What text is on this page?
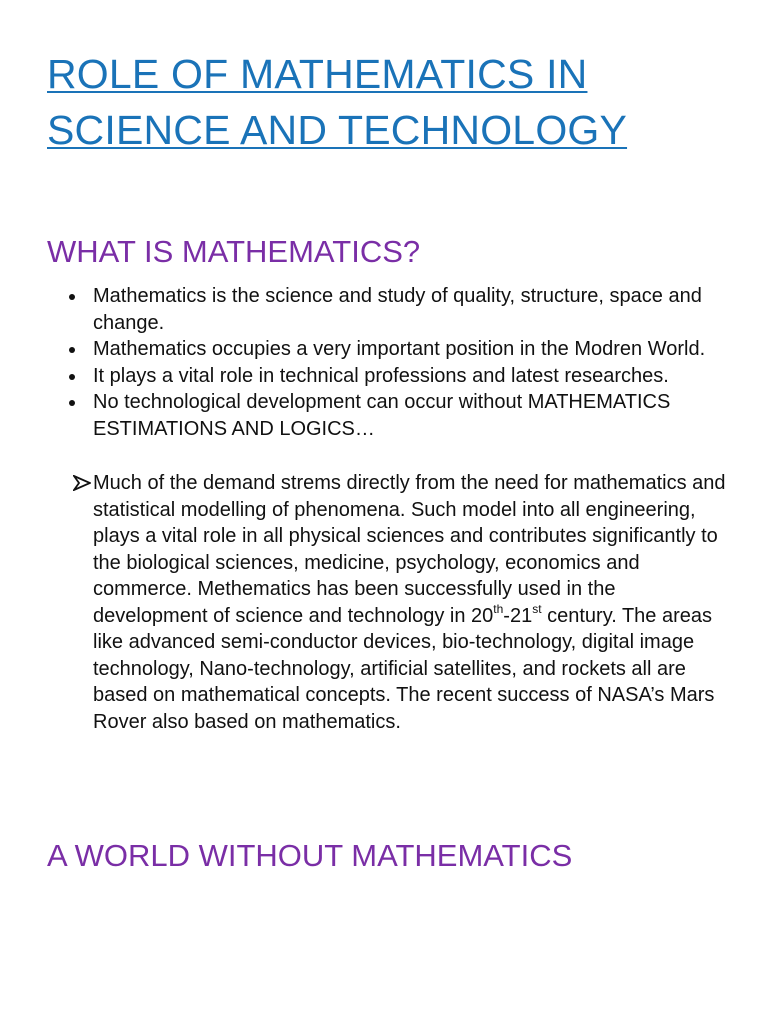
ROLE OF MATHEMATICS IN
SCIENCE AND TECHNOLOGY
WHAT IS MATHEMATICS?
Mathematics is the science and study of quality, structure, space and change.
Mathematics occupies a very important position in the Modren World.
It plays a vital role in technical professions and latest researches.
No technological development can occur without MATHEMATICS ESTIMATIONS AND LOGICS…
Much of the demand strems directly from the need for mathematics and statistical modelling of phenomena. Such model into all engineering, plays a vital role in all physical sciences and contributes significantly to the biological sciences, medicine, psychology, economics and commerce. Methematics has been successfully used in the development of science and technology in 20th-21st century. The areas like advanced semi-conductor devices, bio-technology, digital image technology, Nano-technology, artificial satellites, and rockets all are based on mathematical concepts. The recent success of NASA’s Mars Rover also based on mathematics.
A WORLD WITHOUT MATHEMATICS
